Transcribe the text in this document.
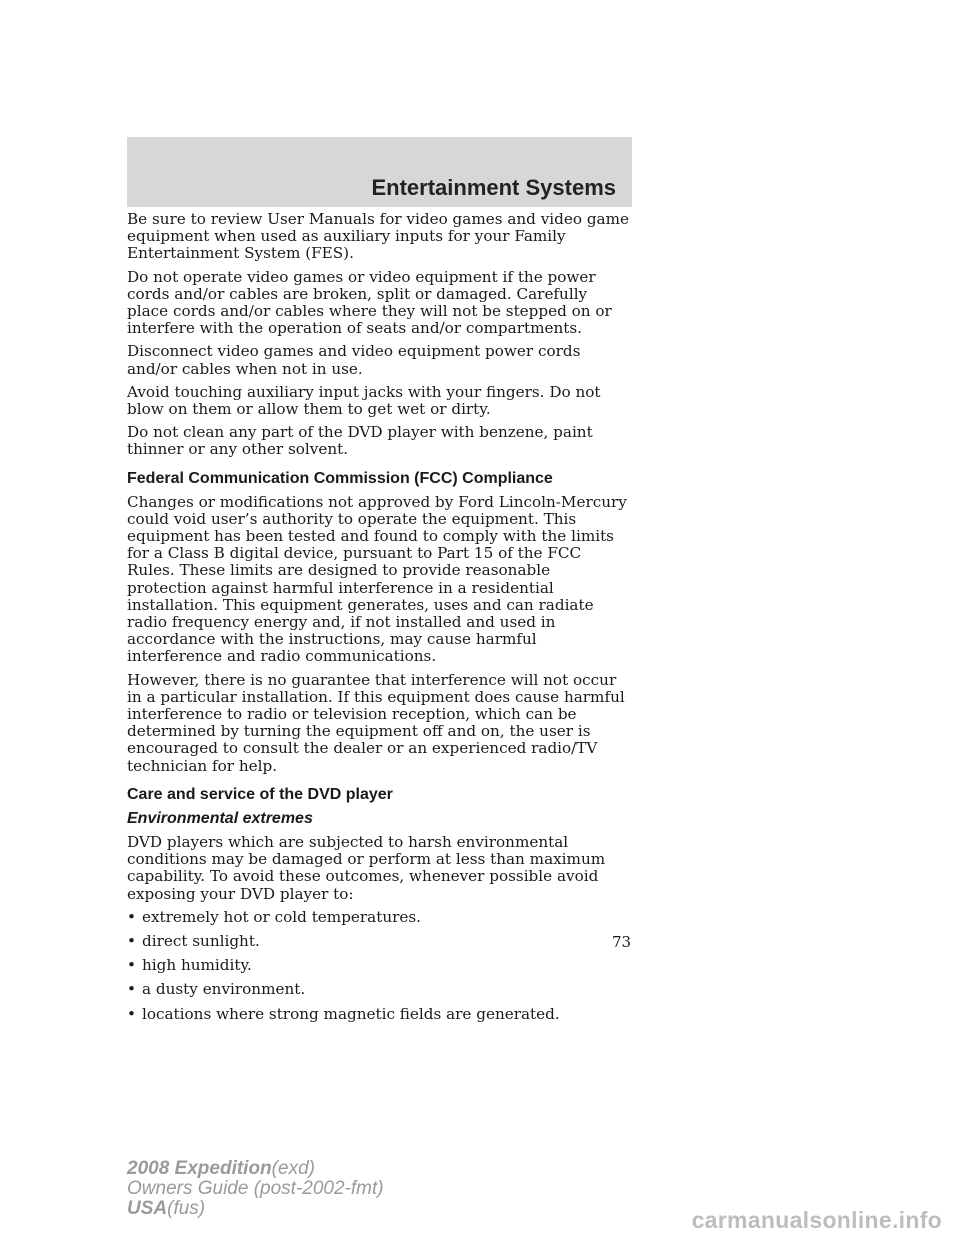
Entertainment Systems

Be sure to review User Manuals for video games and video game equipment when used as auxiliary inputs for your Family Entertainment System (FES).

Do not operate video games or video equipment if the power cords and/or cables are broken, split or damaged. Carefully place cords and/or cables where they will not be stepped on or interfere with the operation of seats and/or compartments.

Disconnect video games and video equipment power cords and/or cables when not in use.

Avoid touching auxiliary input jacks with your fingers. Do not blow on them or allow them to get wet or dirty.

Do not clean any part of the DVD player with benzene, paint thinner or any other solvent.

Federal Communication Commission (FCC) Compliance

Changes or modifications not approved by Ford Lincoln-Mercury could void user’s authority to operate the equipment. This equipment has been tested and found to comply with the limits for a Class B digital device, pursuant to Part 15 of the FCC Rules. These limits are designed to provide reasonable protection against harmful interference in a residential installation. This equipment generates, uses and can radiate radio frequency energy and, if not installed and used in accordance with the instructions, may cause harmful interference and radio communications.

However, there is no guarantee that interference will not occur in a particular installation. If this equipment does cause harmful interference to radio or television reception, which can be determined by turning the equipment off and on, the user is encouraged to consult the dealer or an experienced radio/TV technician for help.

Care and service of the DVD player
Environmental extremes

DVD players which are subjected to harsh environmental conditions may be damaged or perform at less than maximum capability. To avoid these outcomes, whenever possible avoid exposing your DVD player to:

• extremely hot or cold temperatures.
• direct sunlight.
• high humidity.
• a dusty environment.
• locations where strong magnetic fields are generated.
73
2008 Expedition(exd)
Owners Guide (post-2002-fmt)
USA(fus)	carmanualsonline.info
